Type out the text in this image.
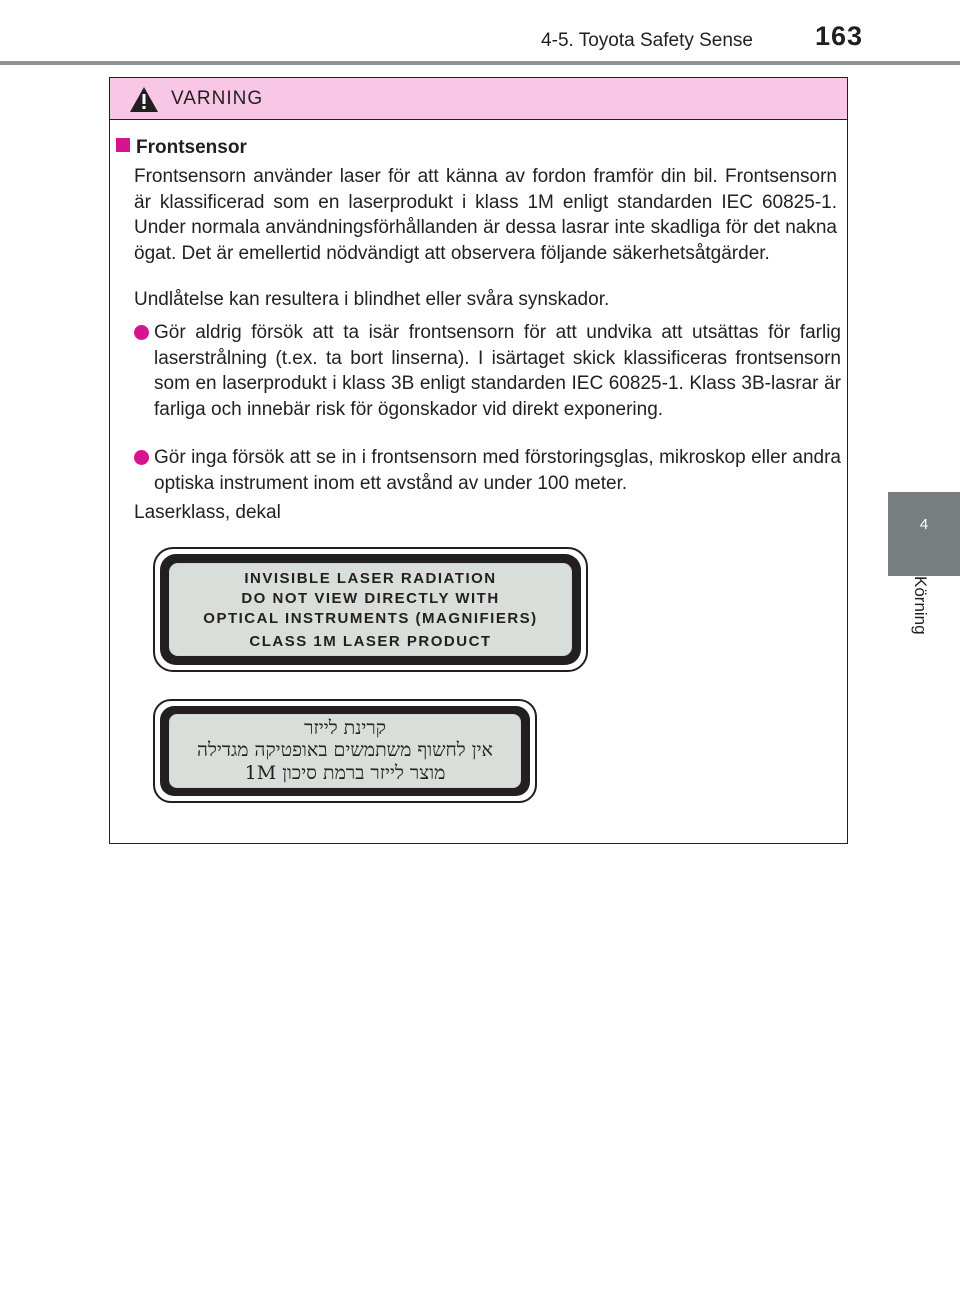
4-5. Toyota Safety Sense 163
4
Körning
VARNING
Frontsensor
Frontsensorn använder laser för att känna av fordon framför din bil. Frontsensorn är klassificerad som en laserprodukt i klass 1M enligt standarden IEC 60825-1. Under normala användningsförhållanden är dessa lasrar inte skadliga för det nakna ögat. Det är emellertid nödvändigt att observera följande säkerhetsåtgärder.
Undlåtelse kan resultera i blindhet eller svåra synskador.
Gör aldrig försök att ta isär frontsensorn för att undvika att utsättas för farlig laserstrålning (t.ex. ta bort linserna). I isärtaget skick klassificeras frontsensorn som en laserprodukt i klass 3B enligt standarden IEC 60825-1. Klass 3B-lasrar är farliga och innebär risk för ögonskador vid direkt exponering.
Gör inga försök att se in i frontsensorn med förstoringsglas, mikroskop eller andra optiska instrument inom ett avstånd av under 100 meter.
Laserklass, dekal
INVISIBLE LASER RADIATION
DO NOT VIEW DIRECTLY WITH
OPTICAL INSTRUMENTS (MAGNIFIERS)
CLASS 1M LASER PRODUCT
קרינת לייזר
אין לחשוף משתמשים באופטיקה מגדילה
מוצר לייזר ברמת סיכון 1M
